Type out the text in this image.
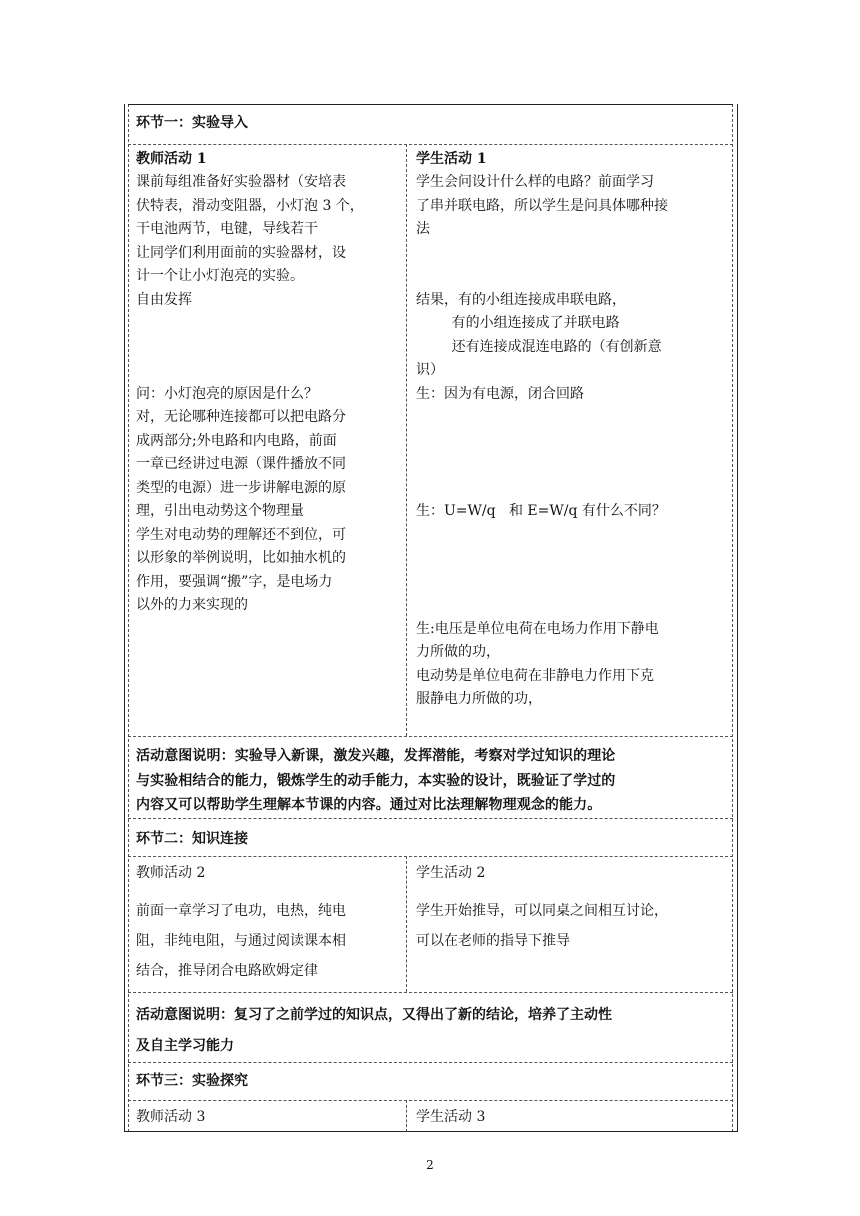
环节一：实验导入
教师活动 1
课前每组准备好实验器材（安培表
伏特表，滑动变阻器，小灯泡 3 个，
干电池两节，电键，导线若干
让同学们利用面前的实验器材，设
计一个让小灯泡亮的实验。
自由发挥

问：小灯泡亮的原因是什么？
对，无论哪种连接都可以把电路分
成两部分;外电路和内电路，前面
一章已经讲过电源（课件播放不同
类型的电源）进一步讲解电源的原
理，引出电动势这个物理量
学生对电动势的理解还不到位，可
以形象的举例说明，比如抽水机的
作用，要强调“搬”字，是电场力
以外的力来实现的
学生活动 1
学生会问设计什么样的电路？前面学习
了串并联电路，所以学生是问具体哪种接
法

结果，有的小组连接成串联电路，
有的小组连接成了并联电路
还有连接成混连电路的（有创新意
识）
生：因为有电源，闭合回路

生：U=W/q   和 E=W/q 有什么不同？

生:电压是单位电荷在电场力作用下静电
力所做的功，
电动势是单位电荷在非静电力作用下克
服静电力所做的功，
活动意图说明：实验导入新课，激发兴趣，发挥潜能，考察对学过知识的理论
与实验相结合的能力，锻炼学生的动手能力，本实验的设计，既验证了学过的
内容又可以帮助学生理解本节课的内容。通过对比法理解物理观念的能力。
环节二：知识连接
教师活动 2
前面一章学习了电功，电热，纯电
阻，非纯电阻，与通过阅读课本相
结合，推导闭合电路欧姆定律
学生活动 2
学生开始推导，可以同桌之间相互讨论，
可以在老师的指导下推导
活动意图说明：复习了之前学过的知识点，又得出了新的结论，培养了主动性
及自主学习能力
环节三：实验探究
教师活动 3	学生活动 3
2
